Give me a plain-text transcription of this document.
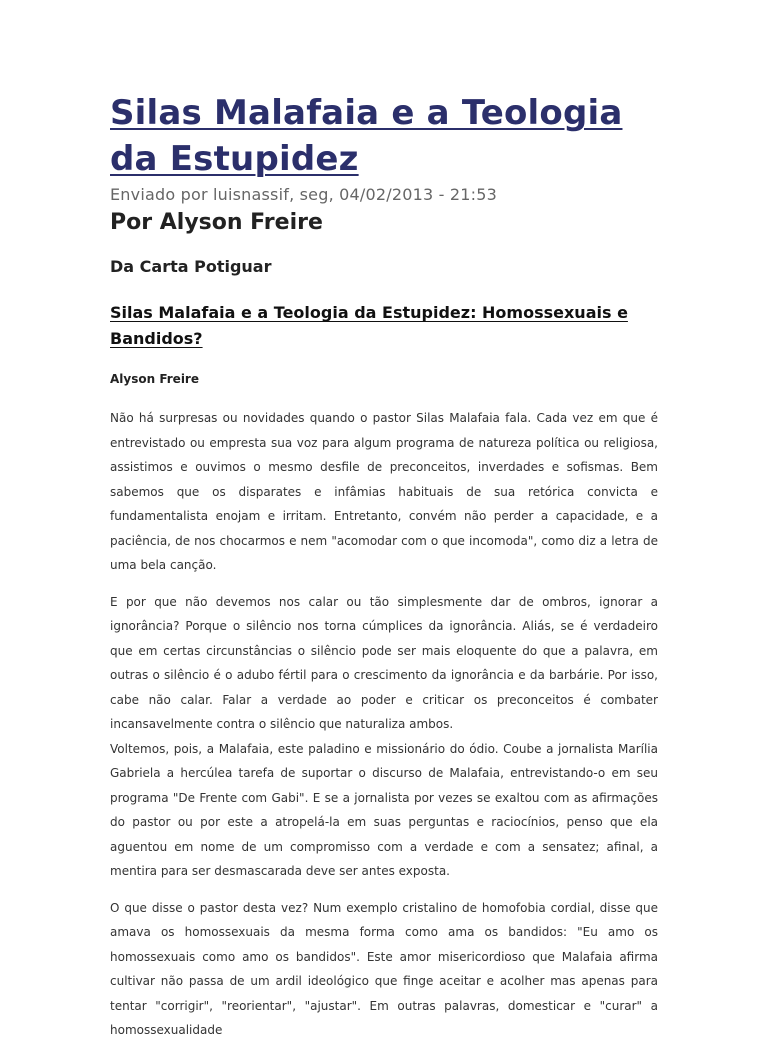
Silas Malafaia e a Teologia da Estupidez
Enviado por luisnassif, seg, 04/02/2013 - 21:53
Por Alyson Freire
Da Carta Potiguar
Silas Malafaia e a Teologia da Estupidez: Homossexuais e Bandidos?
Alyson Freire

Não há surpresas ou novidades quando o pastor Silas Malafaia fala. Cada vez em que é entrevistado ou empresta sua voz para algum programa de natureza política ou religiosa, assistimos e ouvimos o mesmo desfile de preconceitos, inverdades e sofismas. Bem sabemos que os disparates e infâmias habituais de sua retórica convicta e fundamentalista enojam e irritam. Entretanto, convém não perder a capacidade, e a paciência, de nos chocarmos e nem "acomodar com o que incomoda", como diz a letra de uma bela canção.

E por que não devemos nos calar ou tão simplesmente dar de ombros, ignorar a ignorância? Porque o silêncio nos torna cúmplices da ignorância. Aliás, se é verdadeiro que em certas circunstâncias o silêncio pode ser mais eloquente do que a palavra, em outras o silêncio é o adubo fértil para o crescimento da ignorância e da barbárie. Por isso, cabe não calar. Falar a verdade ao poder e criticar os preconceitos é combater incansavelmente contra o silêncio que naturaliza ambos.

Voltemos, pois, a Malafaia, este paladino e missionário do ódio. Coube a jornalista Marília Gabriela a hercúlea tarefa de suportar o discurso de Malafaia, entrevistando-o em seu programa "De Frente com Gabi". E se a jornalista por vezes se exaltou com as afirmações do pastor ou por este a atropelá-la em suas perguntas e raciocínios, penso que ela aguentou em nome de um compromisso com a verdade e com a sensatez; afinal, a mentira para ser desmascarada deve ser antes exposta.

O que disse o pastor desta vez? Num exemplo cristalino de homofobia cordial, disse que amava os homossexuais da mesma forma como ama os bandidos: "Eu amo os homossexuais como amo os bandidos". Este amor misericordioso que Malafaia afirma cultivar não passa de um ardil ideológico que finge aceitar e acolher mas apenas para tentar "corrigir", "reorientar", "ajustar". Em outras palavras, domesticar e "curar" a homossexualidade
